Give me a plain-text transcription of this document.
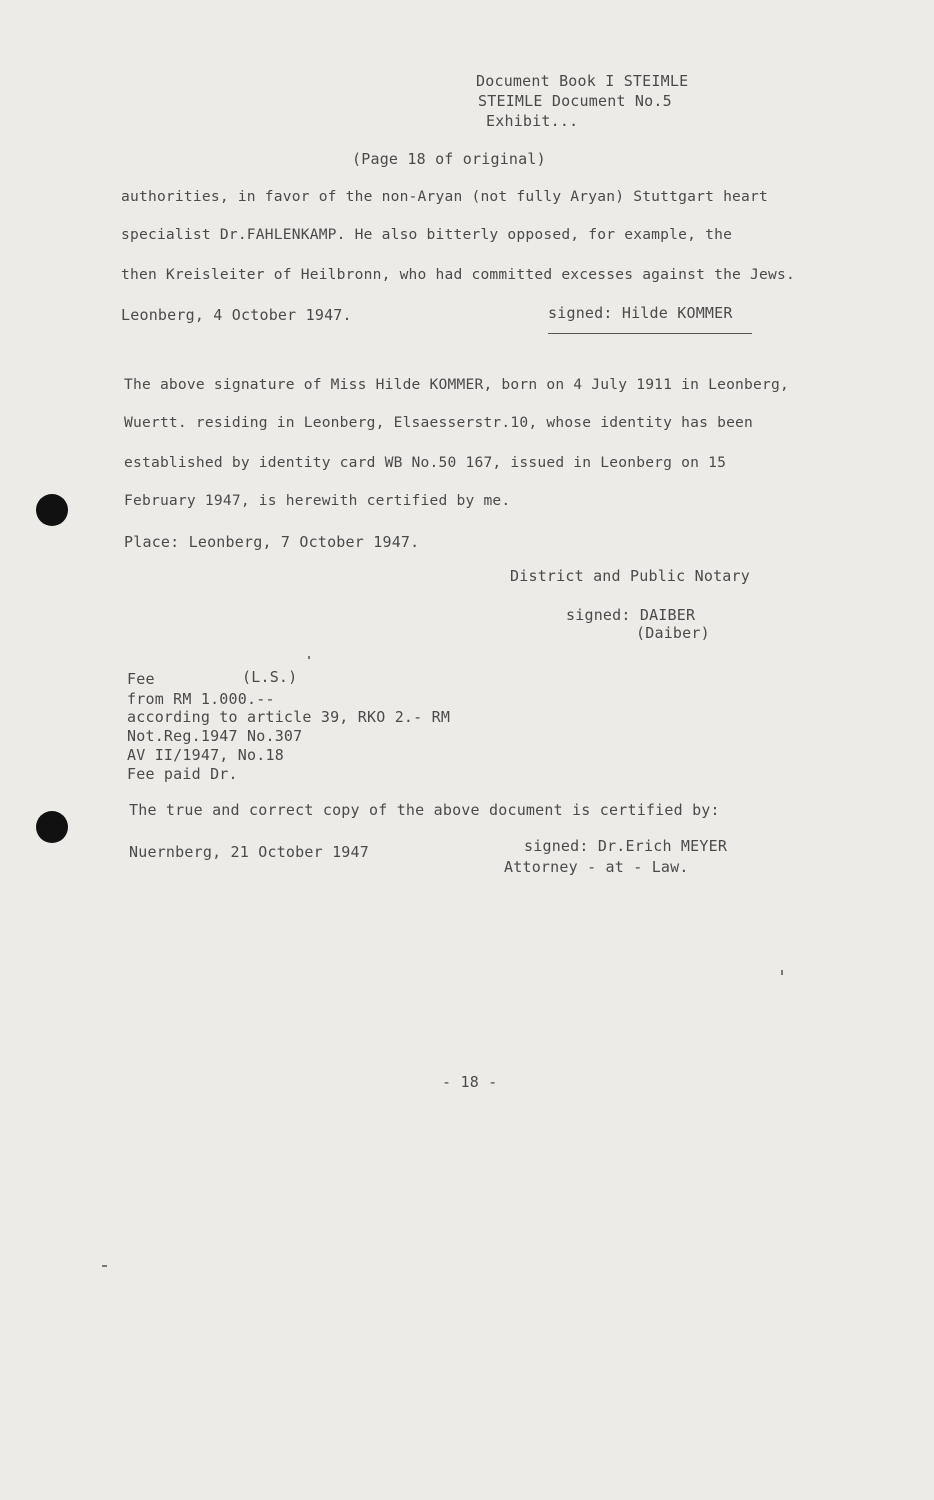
Document Book I STEIMLE
STEIMLE Document No.5
Exhibit...
(Page 18 of original)
authorities, in favor of the non-Aryan (not fully Aryan) Stuttgart heart
specialist Dr.FAHLENKAMP. He also bitterly opposed, for example, the
then Kreisleiter of Heilbronn, who had committed excesses against the Jews.
Leonberg, 4 October 1947.	signed: Hilde KOMMER
The above signature of Miss Hilde KOMMER, born on 4 July 1911 in Leonberg,
Wuertt. residing in Leonberg, Elsaesserstr.10, whose identity has been
established by identity card WB No.50 167, issued in Leonberg on 15
February 1947, is herewith certified by me.
Place: Leonberg, 7 October 1947.
District and Public Notary
signed: DAIBER
(Daiber)
Fee	(L.S.)
from RM 1.000.--
according to article 39, RKO 2.- RM
Not.Reg.1947 No.307
AV II/1947, No.18
Fee paid Dr.
The true and correct copy of the above document is certified by:
Nuernberg, 21 October 1947	signed: Dr.Erich MEYER
Attorney - at - Law.
- 18 -
